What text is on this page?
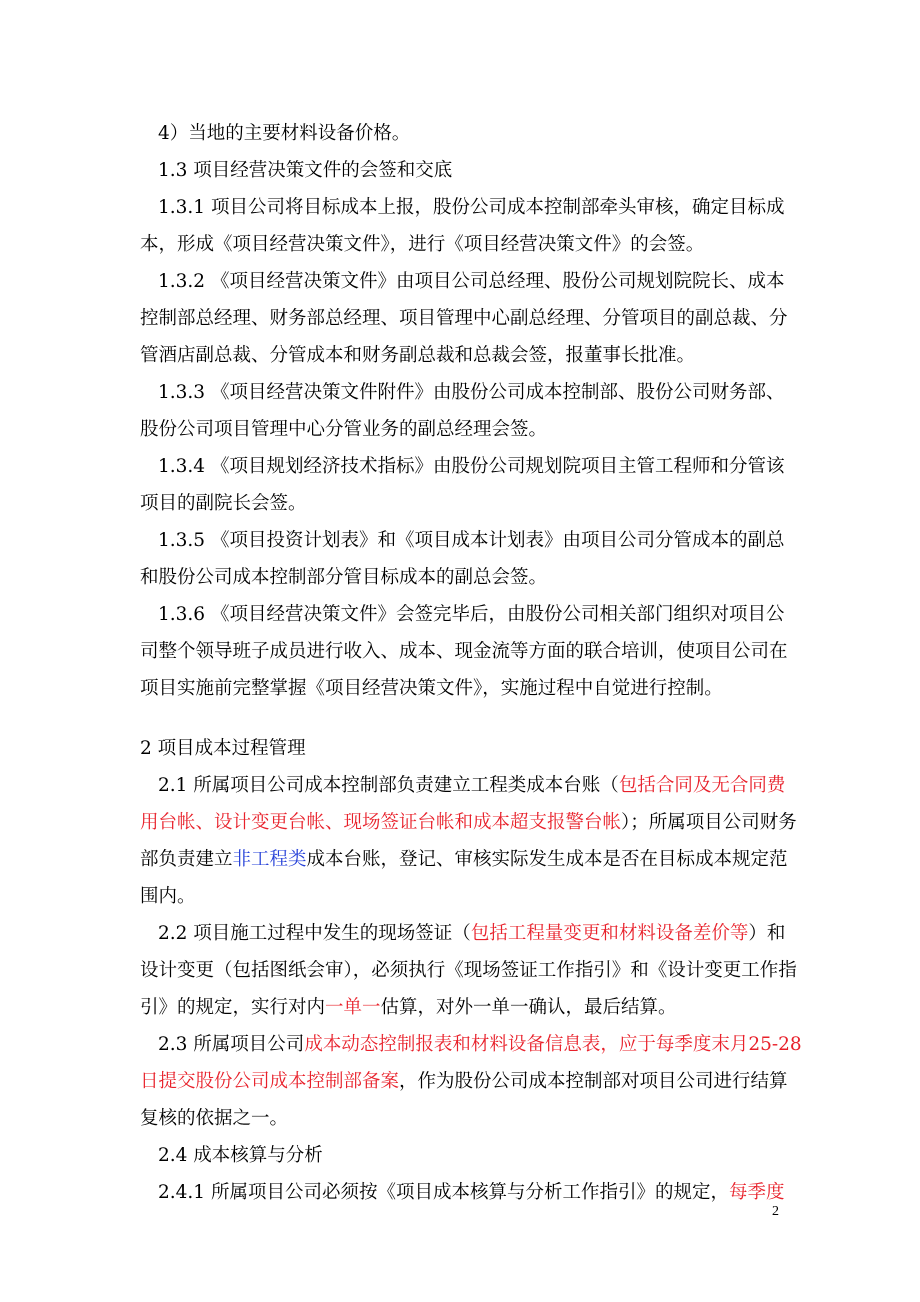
4）当地的主要材料设备价格。

1.3 项目经营决策文件的会签和交底

1.3.1 项目公司将目标成本上报，股份公司成本控制部牵头审核，确定目标成

本，形成《项目经营决策文件》，进行《项目经营决策文件》的会签。

1.3.2 《项目经营决策文件》由项目公司总经理、股份公司规划院院长、成本

控制部总经理、财务部总经理、项目管理中心副总经理、分管项目的副总裁、分

管酒店副总裁、分管成本和财务副总裁和总裁会签，报董事长批准。

1.3.3 《项目经营决策文件附件》由股份公司成本控制部、股份公司财务部、

股份公司项目管理中心分管业务的副总经理会签。

1.3.4 《项目规划经济技术指标》由股份公司规划院项目主管工程师和分管该

项目的副院长会签。

1.3.5 《项目投资计划表》和《项目成本计划表》由项目公司分管成本的副总

和股份公司成本控制部分管目标成本的副总会签。

1.3.6 《项目经营决策文件》会签完毕后，由股份公司相关部门组织对项目公

司整个领导班子成员进行收入、成本、现金流等方面的联合培训，使项目公司在

项目实施前完整掌握《项目经营决策文件》，实施过程中自觉进行控制。

2 项目成本过程管理

2.1 所属项目公司成本控制部负责建立工程类成本台账（包括合同及无合同费

用台帐、设计变更台帐、现场签证台帐和成本超支报警台帐）；所属项目公司财务

部负责建立非工程类成本台账，登记、审核实际发生成本是否在目标成本规定范

围内。

2.2 项目施工过程中发生的现场签证（包括工程量变更和材料设备差价等）和

设计变更（包括图纸会审），必须执行《现场签证工作指引》和《设计变更工作指

引》的规定，实行对内一单一估算，对外一单一确认，最后结算。

2.3 所属项目公司成本动态控制报表和材料设备信息表，应于每季度末月25-28

日提交股份公司成本控制部备案，作为股份公司成本控制部对项目公司进行结算

复核的依据之一。

2.4 成本核算与分析

2.4.1 所属项目公司必须按《项目成本核算与分析工作指引》的规定，每季度

2
